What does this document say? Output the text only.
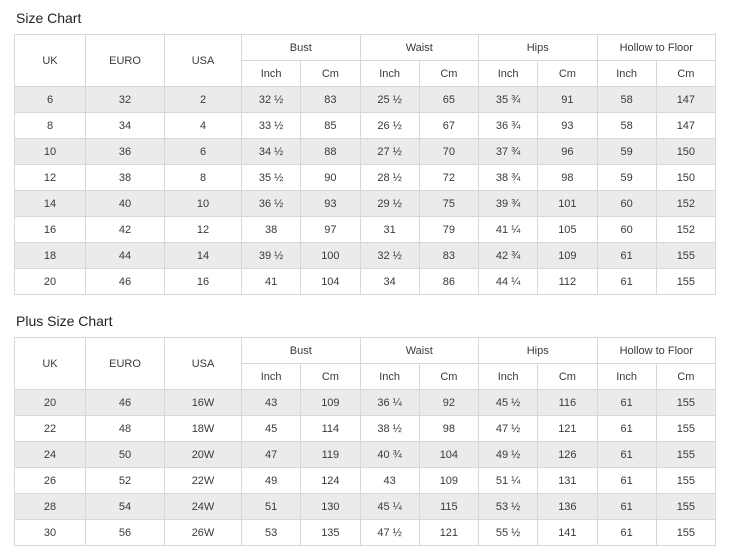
Size Chart
UK	EURO	USA	Bust		Waist		Hips		Hollow to Floor	
			Inch	Cm	Inch	Cm	Inch	Cm	Inch	Cm
6	32	2	32 ½	83	25 ½	65	35 ¾	91	58	147
8	34	4	33 ½	85	26 ½	67	36 ¾	93	58	147
10	36	6	34 ½	88	27 ½	70	37 ¾	96	59	150
12	38	8	35 ½	90	28 ½	72	38 ¾	98	59	150
14	40	10	36 ½	93	29 ½	75	39 ¾	101	60	152
16	42	12	38	97	31	79	41 ¼	105	60	152
18	44	14	39 ½	100	32 ½	83	42 ¾	109	61	155
20	46	16	41	104	34	86	44 ¼	112	61	155
Plus Size Chart
UK	EURO	USA	Bust		Waist		Hips		Hollow to Floor	
			Inch	Cm	Inch	Cm	Inch	Cm	Inch	Cm
20	46	16W	43	109	36 ¼	92	45 ½	116	61	155
22	48	18W	45	114	38 ½	98	47 ½	121	61	155
24	50	20W	47	119	40 ¾	104	49 ½	126	61	155
26	52	22W	49	124	43	109	51 ¼	131	61	155
28	54	24W	51	130	45 ¼	115	53 ½	136	61	155
30	56	26W	53	135	47 ½	121	55 ½	141	61	155
